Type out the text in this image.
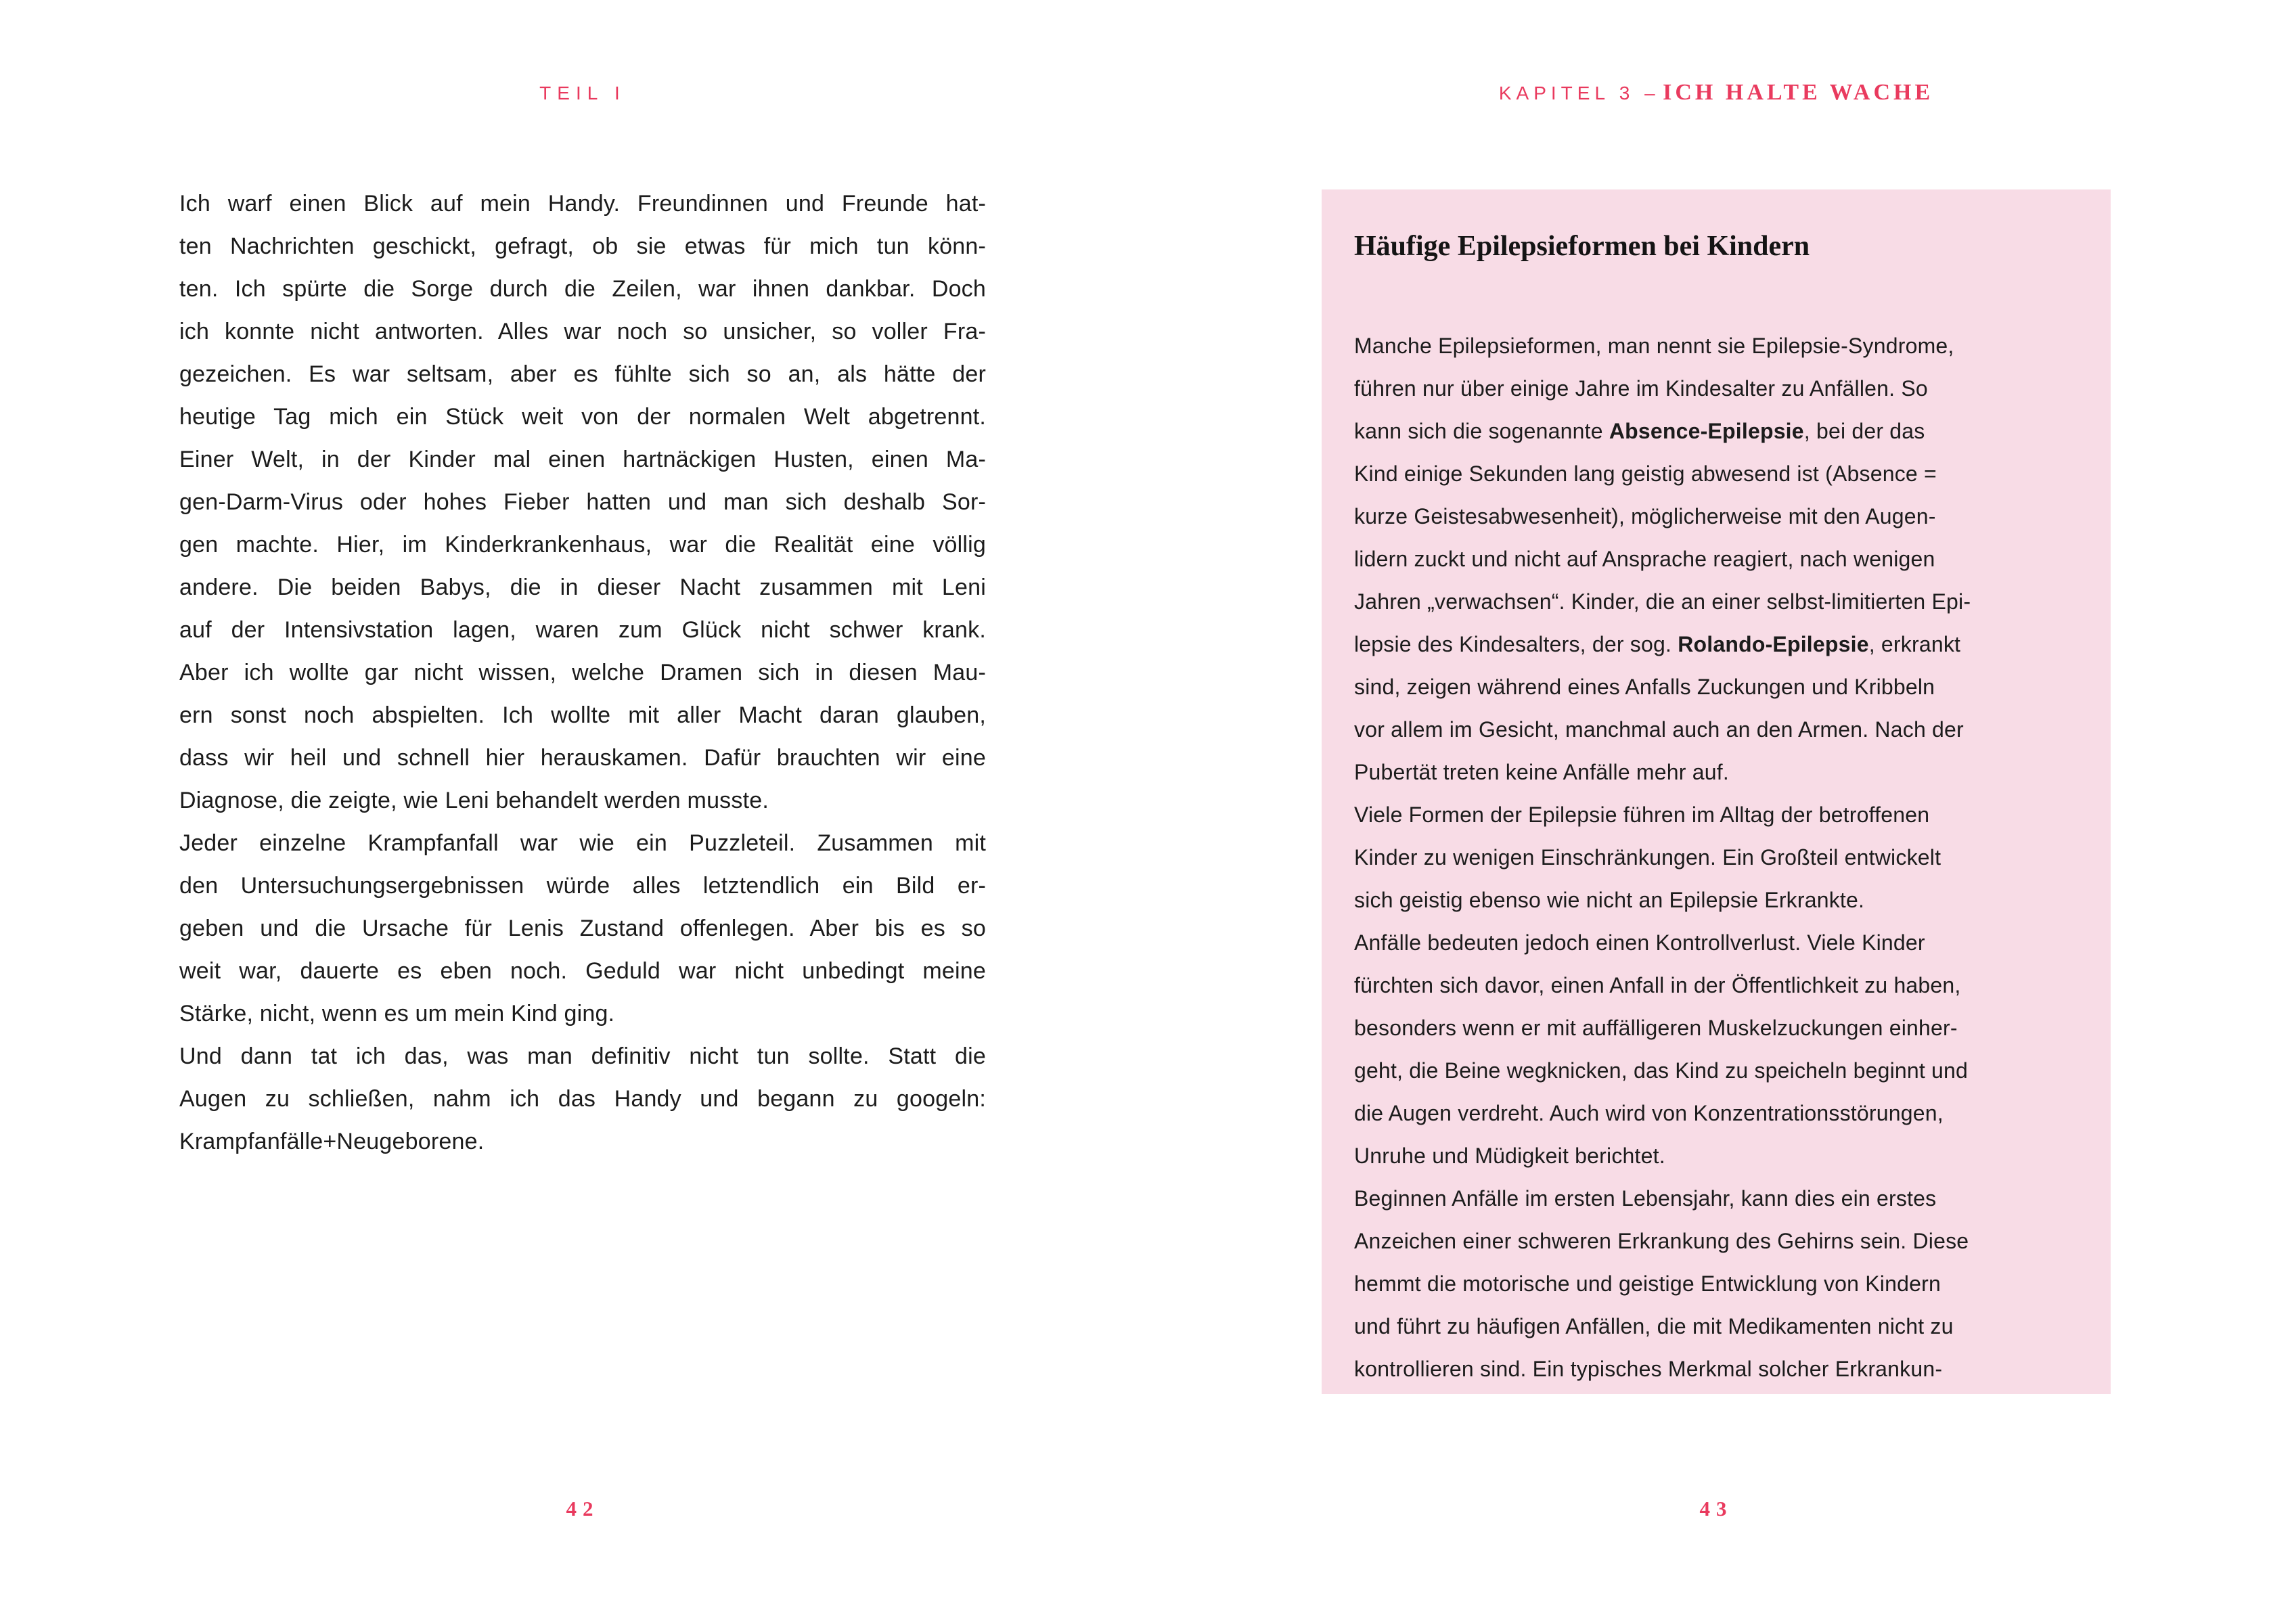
TEIL I
Ich warf einen Blick auf mein Handy. Freundinnen und Freunde hat-
ten Nachrichten geschickt, gefragt, ob sie etwas für mich tun könn-
ten. Ich spürte die Sorge durch die Zeilen, war ihnen dankbar. Doch
ich konnte nicht antworten. Alles war noch so unsicher, so voller Fra-
gezeichen. Es war seltsam, aber es fühlte sich so an, als hätte der
heutige Tag mich ein Stück weit von der normalen Welt abgetrennt.
Einer Welt, in der Kinder mal einen hartnäckigen Husten, einen Ma-
gen-Darm-Virus oder hohes Fieber hatten und man sich deshalb Sor-
gen machte. Hier, im Kinderkrankenhaus, war die Realität eine völlig
andere. Die beiden Babys, die in dieser Nacht zusammen mit Leni
auf der Intensivstation lagen, waren zum Glück nicht schwer krank.
Aber ich wollte gar nicht wissen, welche Dramen sich in diesen Mau-
ern sonst noch abspielten. Ich wollte mit aller Macht daran glauben,
dass wir heil und schnell hier herauskamen. Dafür brauchten wir eine
Diagnose, die zeigte, wie Leni behandelt werden musste.
Jeder einzelne Krampfanfall war wie ein Puzzleteil. Zusammen mit
den Untersuchungsergebnissen würde alles letztendlich ein Bild er-
geben und die Ursache für Lenis Zustand offenlegen. Aber bis es so
weit war, dauerte es eben noch. Geduld war nicht unbedingt meine
Stärke, nicht, wenn es um mein Kind ging.
Und dann tat ich das, was man definitiv nicht tun sollte. Statt die
Augen zu schließen, nahm ich das Handy und begann zu googeln:
Krampfanfälle+Neugeborene.
42
KAPITEL 3 – ICH HALTE WACHE
Häufige Epilepsieformen bei Kindern
Manche Epilepsieformen, man nennt sie Epilepsie-Syndrome,
führen nur über einige Jahre im Kindesalter zu Anfällen. So
kann sich die sogenannte Absence-Epilepsie, bei der das
Kind einige Sekunden lang geistig abwesend ist (Absence =
kurze Geistesabwesenheit), möglicherweise mit den Augen-
lidern zuckt und nicht auf Ansprache reagiert, nach wenigen
Jahren „verwachsen“. Kinder, die an einer selbst-limitierten Epi-
lepsie des Kindesalters, der sog. Rolando-Epilepsie, erkrankt
sind, zeigen während eines Anfalls Zuckungen und Kribbeln
vor allem im Gesicht, manchmal auch an den Armen. Nach der
Pubertät treten keine Anfälle mehr auf.
Viele Formen der Epilepsie führen im Alltag der betroffenen
Kinder zu wenigen Einschränkungen. Ein Großteil entwickelt
sich geistig ebenso wie nicht an Epilepsie Erkrankte.
Anfälle bedeuten jedoch einen Kontrollverlust. Viele Kinder
fürchten sich davor, einen Anfall in der Öffentlichkeit zu haben,
besonders wenn er mit auffälligeren Muskelzuckungen einher-
geht, die Beine wegknicken, das Kind zu speicheln beginnt und
die Augen verdreht. Auch wird von Konzentrationsstörungen,
Unruhe und Müdigkeit berichtet.
Beginnen Anfälle im ersten Lebensjahr, kann dies ein erstes
Anzeichen einer schweren Erkrankung des Gehirns sein. Diese
hemmt die motorische und geistige Entwicklung von Kindern
und führt zu häufigen Anfällen, die mit Medikamenten nicht zu
kontrollieren sind. Ein typisches Merkmal solcher Erkrankun-
43
